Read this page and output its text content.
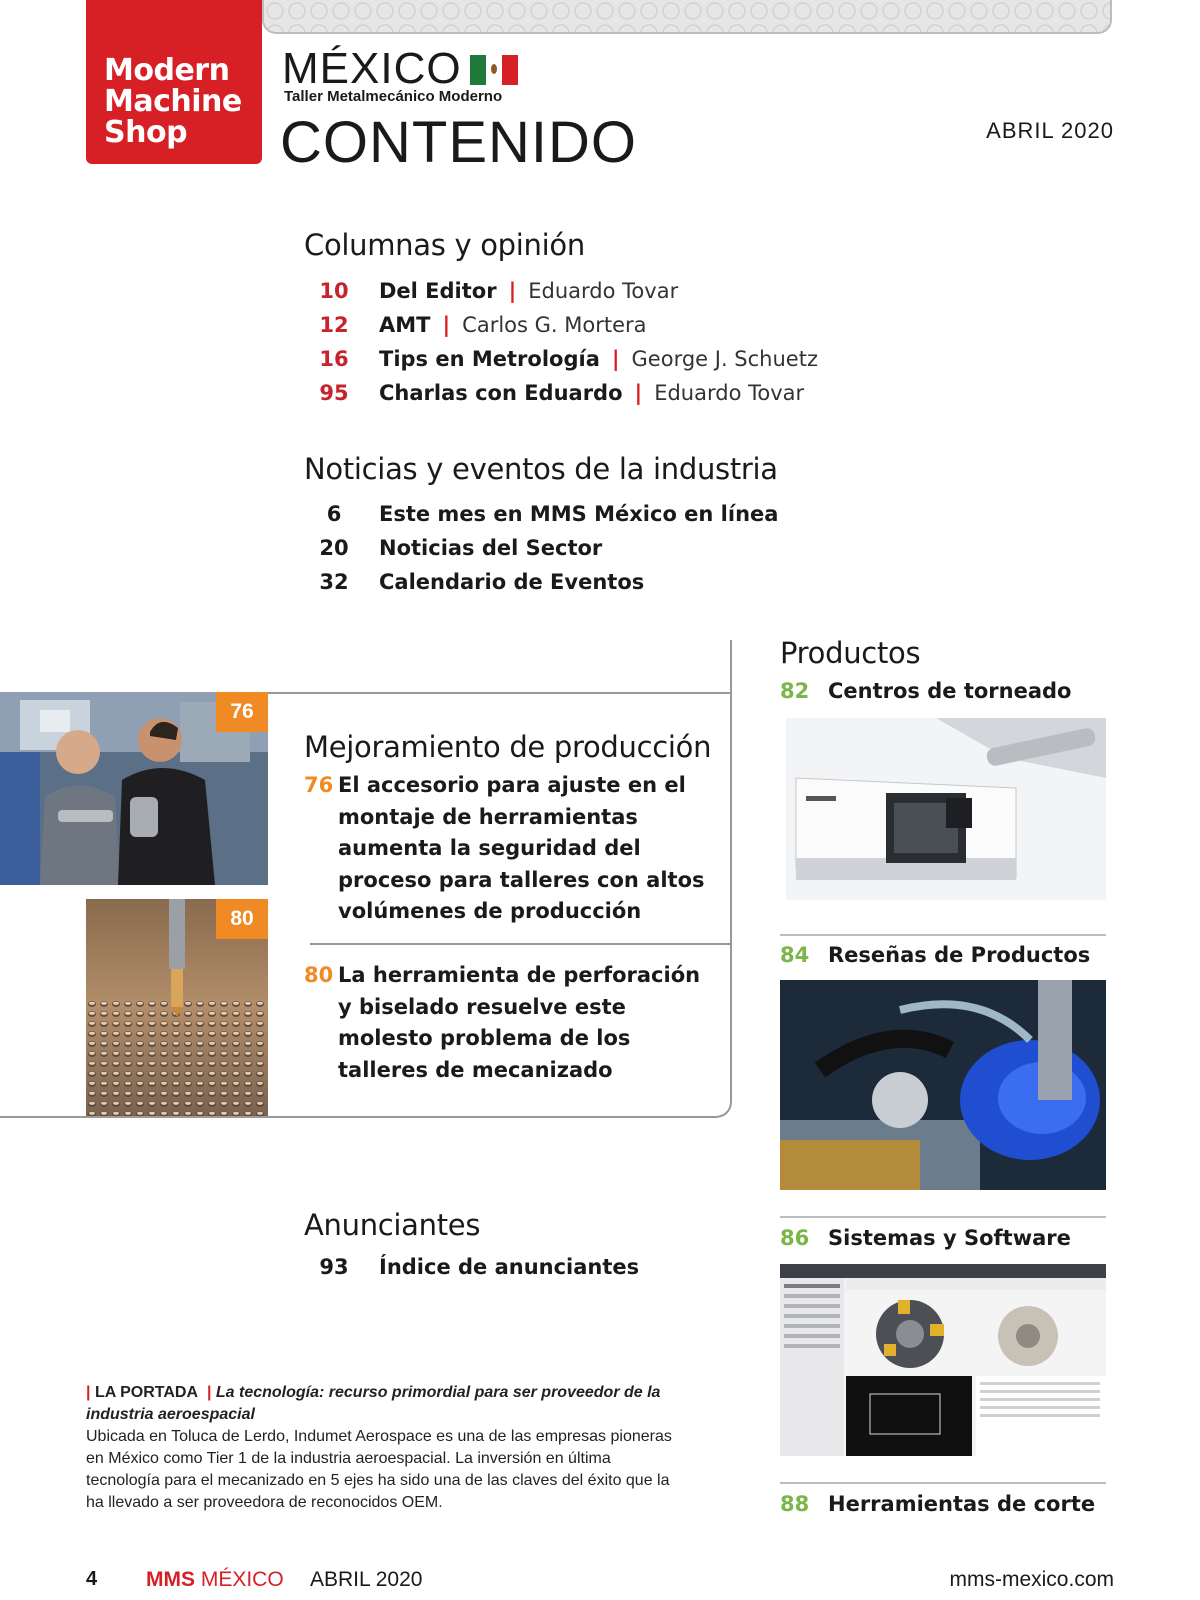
Modern
Machine
Shop
MÉXICO
Taller Metalmecánico Moderno
CONTENIDO	ABRIL 2020
Columnas y opinión
10	Del Editor | Eduardo Tovar
12	AMT | Carlos G. Mortera
16	Tips en Metrología | George J. Schuetz
95	Charlas con Eduardo | Eduardo Tovar
Noticias y eventos de la industria
6	Este mes en MMS México en línea
20	Noticias del Sector
32	Calendario de Eventos
76
80
Mejoramiento de producción
76 El accesorio para ajuste en el montaje de herramientas aumenta la seguridad del proceso para talleres con altos volúmenes de producción
80 La herramienta de perforación y biselado resuelve este molesto problema de los talleres de mecanizado
Productos
82 Centros de torneado
84 Reseñas de Productos
86 Sistemas y Software
88 Herramientas de corte
Anunciantes
93	Índice de anunciantes
| LA PORTADA  | La tecnología: recurso primordial para ser proveedor de la industria aeroespacial
Ubicada en Toluca de Lerdo, Indumet Aerospace es una de las empresas pioneras en México como Tier 1 de la industria aeroespacial. La inversión en última tecnología para el mecanizado en 5 ejes ha sido una de las claves del éxito que la ha llevado a ser proveedora de reconocidos OEM.
4 MMS MÉXICO ABRIL 2020	mms-mexico.com
